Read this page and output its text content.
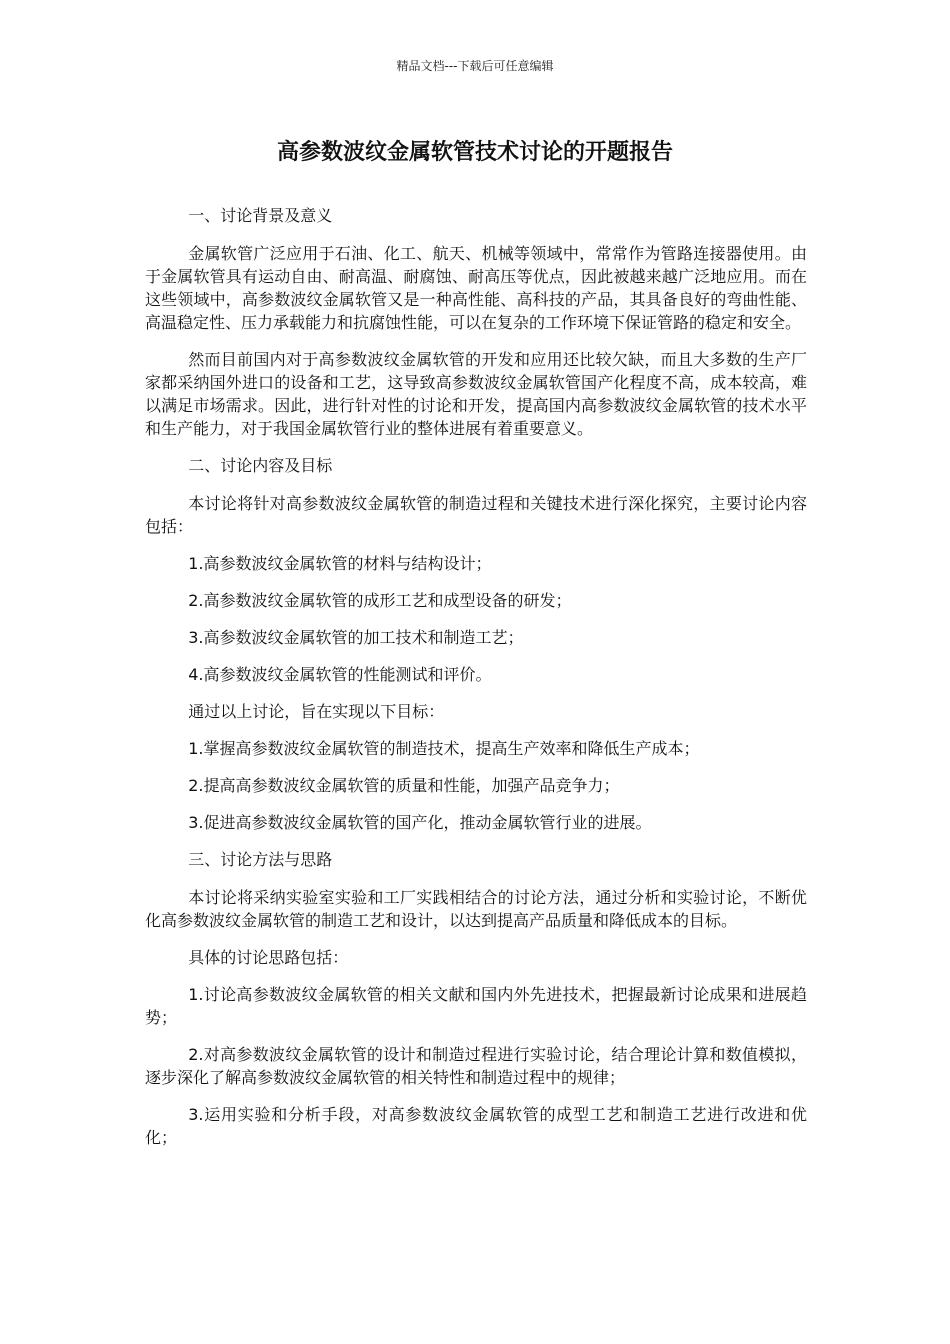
精品文档---下载后可任意编辑
高参数波纹金属软管技术讨论的开题报告

一、讨论背景及意义

金属软管广泛应用于石油、化工、航天、机械等领域中，常常作为管路连接器使用。由于金属软管具有运动自由、耐高温、耐腐蚀、耐高压等优点，因此被越来越广泛地应用。而在这些领域中，高参数波纹金属软管又是一种高性能、高科技的产品，其具备良好的弯曲性能、高温稳定性、压力承载能力和抗腐蚀性能，可以在复杂的工作环境下保证管路的稳定和安全。

然而目前国内对于高参数波纹金属软管的开发和应用还比较欠缺，而且大多数的生产厂家都采纳国外进口的设备和工艺，这导致高参数波纹金属软管国产化程度不高，成本较高，难以满足市场需求。因此，进行针对性的讨论和开发，提高国内高参数波纹金属软管的技术水平和生产能力，对于我国金属软管行业的整体进展有着重要意义。

二、讨论内容及目标

本讨论将针对高参数波纹金属软管的制造过程和关键技术进行深化探究，主要讨论内容包括：

1.高参数波纹金属软管的材料与结构设计；

2.高参数波纹金属软管的成形工艺和成型设备的研发；

3.高参数波纹金属软管的加工技术和制造工艺；

4.高参数波纹金属软管的性能测试和评价。

通过以上讨论，旨在实现以下目标：

1.掌握高参数波纹金属软管的制造技术，提高生产效率和降低生产成本；

2.提高高参数波纹金属软管的质量和性能，加强产品竞争力；

3.促进高参数波纹金属软管的国产化，推动金属软管行业的进展。

三、讨论方法与思路

本讨论将采纳实验室实验和工厂实践相结合的讨论方法，通过分析和实验讨论，不断优化高参数波纹金属软管的制造工艺和设计，以达到提高产品质量和降低成本的目标。

具体的讨论思路包括：

1.讨论高参数波纹金属软管的相关文献和国内外先进技术，把握最新讨论成果和进展趋势；

2.对高参数波纹金属软管的设计和制造过程进行实验讨论，结合理论计算和数值模拟，逐步深化了解高参数波纹金属软管的相关特性和制造过程中的规律；

3.运用实验和分析手段，对高参数波纹金属软管的成型工艺和制造工艺进行改进和优化；
